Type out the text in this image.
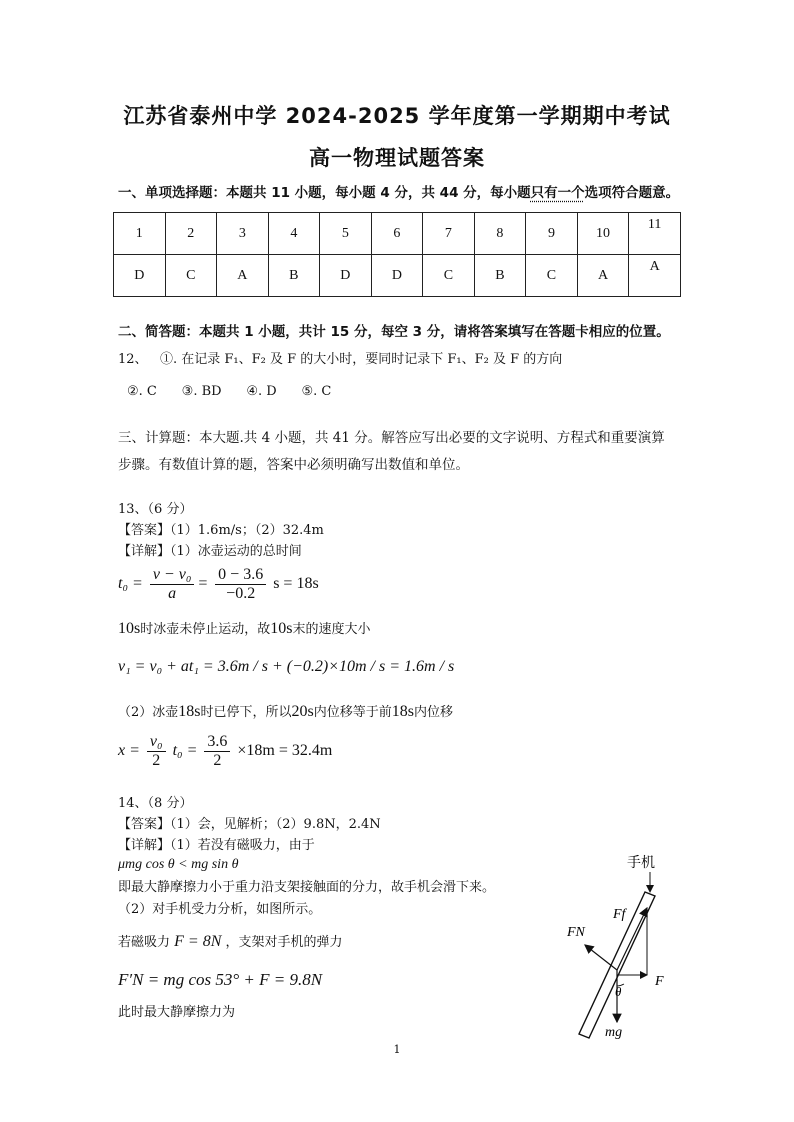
江苏省泰州中学 2024-2025 学年度第一学期期中考试
高一物理试题答案
一、单项选择题：本题共 11 小题，每小题 4 分，共 44 分，每小题只有一个选项符合题意。
1	2	3	4	5	6	7	8	9	10	11
D	C	A	B	D	D	C	B	C	A	A
二、简答题：本题共 1 小题，共计 15 分，每空 3 分，请将答案填写在答题卡相应的位置。
12、 ①. 在记录 F₁、F₂ 及 F 的大小时，要同时记录下 F₁、F₂ 及 F 的方向
②. C      ③. BD      ④. D      ⑤. C
三、计算题：本大题.共 4 小题，共 41 分。解答应写出必要的文字说明、方程式和重要演算
步骤。有数值计算的题，答案中必须明确写出数值和单位。
13、（6 分）
【答案】（1）1.6m/s；（2）32.4m
【详解】（1）冰壶运动的总时间
$t_0 = \frac{\text{v − v₀}}{a} = \frac{0 - 3.6}{-0.2}$ s = 18s
10s时冰壶未停止运动，故10s末的速度大小
v₁ = v₀ + at₁ = 3.6m / s + (−0.2)×10m / s = 1.6m / s
（2）冰壶18s时已停下，所以20s内位移等于前18s内位移
$x = \frac{\text{v₀}}{2} t_0 = \frac{3.6}{2} \times 18m = 32.4m$
14、（8 分）
【答案】（1）会，见解析；（2）9.8N，2.4N
【详解】（1）若没有磁吸力，由于
μmg cos θ < mg sin θ
即最大静摩擦力小于重力沿支架接触面的分力，故手机会滑下来。
（2）对手机受力分析，如图所示。
若磁吸力 F = 8N ，支架对手机的弹力
F′N = mg cos 53° + F = 9.8N
此时最大静摩擦力为
手机
Ff
FN
F
θ
mg
1
